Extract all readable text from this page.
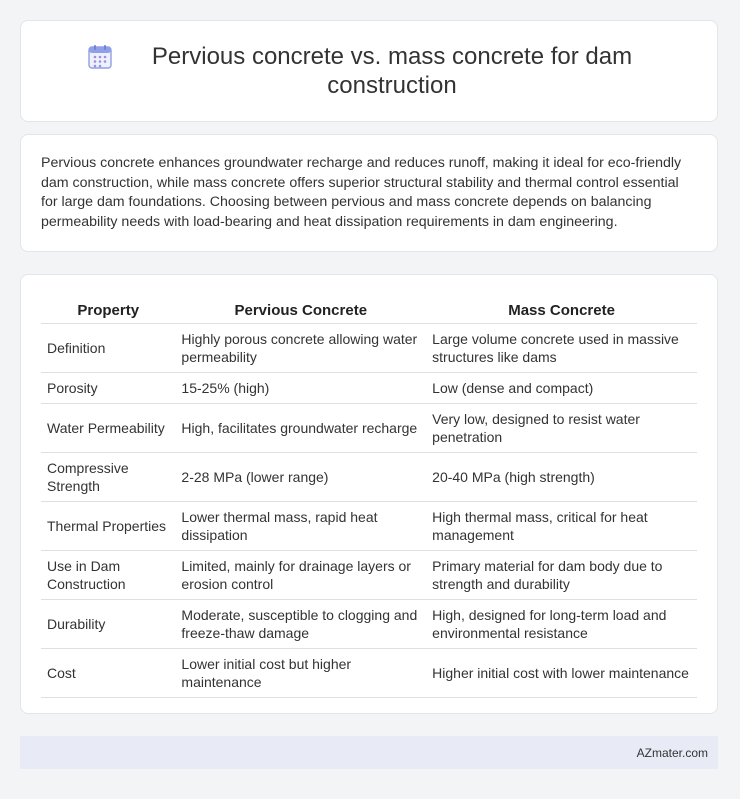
Pervious concrete vs. mass concrete for dam construction

Pervious concrete enhances groundwater recharge and reduces runoff, making it ideal for eco-friendly dam construction, while mass concrete offers superior structural stability and thermal control essential for large dam foundations. Choosing between pervious and mass concrete depends on balancing permeability needs with load-bearing and heat dissipation requirements in dam engineering.

Property	Pervious Concrete	Mass Concrete
Definition	Highly porous concrete allowing water permeability	Large volume concrete used in massive structures like dams
Porosity	15-25% (high)	Low (dense and compact)
Water Permeability	High, facilitates groundwater recharge	Very low, designed to resist water penetration
Compressive Strength	2-28 MPa (lower range)	20-40 MPa (high strength)
Thermal Properties	Lower thermal mass, rapid heat dissipation	High thermal mass, critical for heat management
Use in Dam Construction	Limited, mainly for drainage layers or erosion control	Primary material for dam body due to strength and durability
Durability	Moderate, susceptible to clogging and freeze-thaw damage	High, designed for long-term load and environmental resistance
Cost	Lower initial cost but higher maintenance	Higher initial cost with lower maintenance
AZmater.com
